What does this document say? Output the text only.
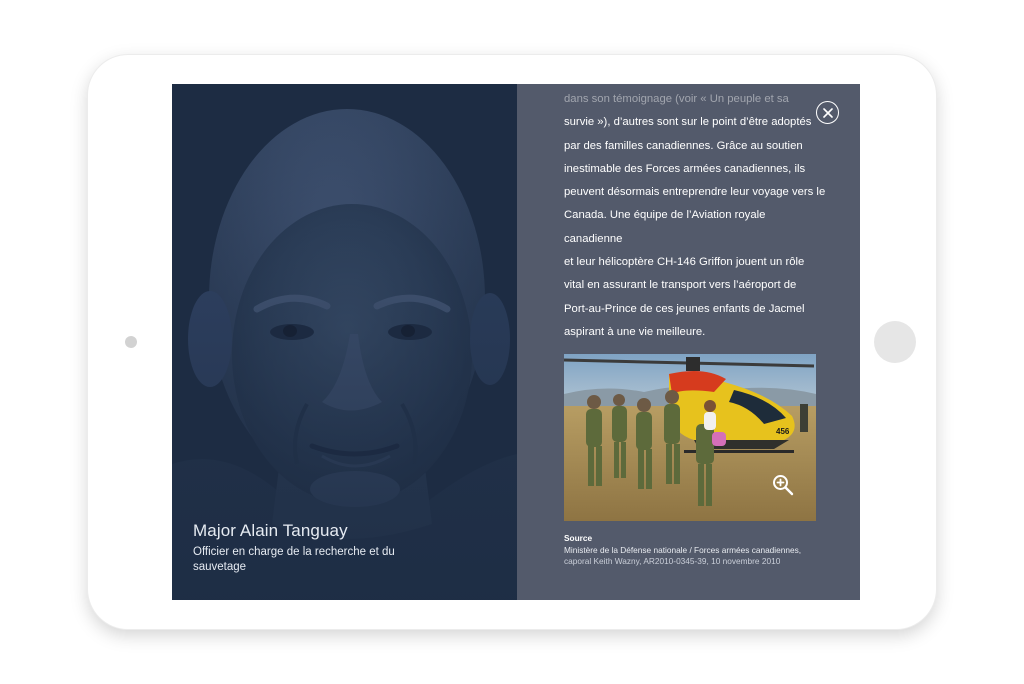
Major Alain Tanguay
Officier en charge de la recherche et du sauvetage
dans son témoignage (voir « Un peuple et sa
survie »), d’autres sont sur le point d’être adoptés
par des familles canadiennes. Grâce au soutien
inestimable des Forces armées canadiennes, ils
peuvent désormais entreprendre leur voyage vers le
Canada. Une équipe de l’Aviation royale canadienne
et leur hélicoptère CH-146 Griffon jouent un rôle
vital en assurant le transport vers l’aéroport de
Port-au-Prince de ces jeunes enfants de Jacmel
aspirant à une vie meilleure.
456
Source
Ministère de la Défense nationale / Forces armées canadiennes,
caporal Keith Wazny, AR2010-0345-39, 10 novembre 2010
